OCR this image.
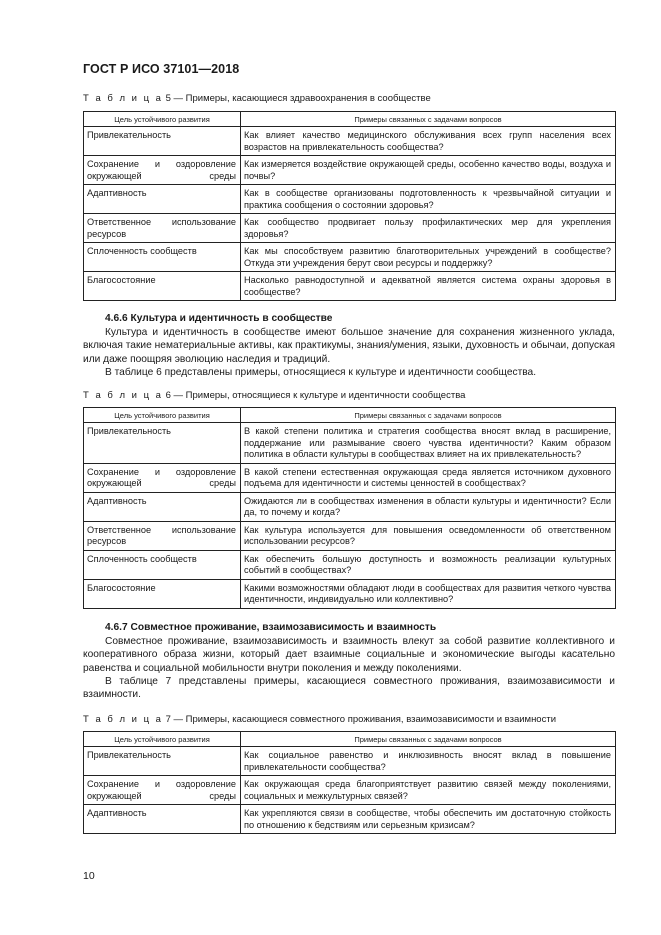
ГОСТ Р ИСО 37101—2018
Т а б л и ц а 5 — Примеры, касающиеся здравоохранения в сообществе
Цель устойчивого развития	Примеры связанных с задачами вопросов
Привлекательность	Как влияет качество медицинского обслуживания всех групп населения всех возрастов на привлекательность сообщества?
Сохранение и оздоровление окружающей среды	Как измеряется воздействие окружающей среды, особенно качество воды, воздуха и почвы?
Адаптивность	Как в сообществе организованы подготовленность к чрезвычайной ситуации и практика сообщения о состоянии здоровья?
Ответственное использование ресурсов	Как сообщество продвигает пользу профилактических мер для укрепления здоровья?
Сплоченность сообществ	Как мы способствуем развитию благотворительных учреждений в сообществе? Откуда эти учреждения берут свои ресурсы и поддержку?
Благосостояние	Насколько равнодоступной и адекватной является система охраны здоровья в сообществе?
4.6.6 Культура и идентичность в сообществе

Культура и идентичность в сообществе имеют большое значение для сохранения жизненного уклада, включая такие нематериальные активы, как практикумы, знания/умения, языки, духовность и обычаи, допуская или даже поощряя эволюцию наследия и традиций.

В таблице 6 представлены примеры, относящиеся к культуре и идентичности сообщества.

Т а б л и ц а 6 — Примеры, относящиеся к культуре и идентичности сообщества
Цель устойчивого развития	Примеры связанных с задачами вопросов
Привлекательность	В какой степени политика и стратегия сообщества вносят вклад в расширение, поддержание или размывание своего чувства идентичности? Каким образом политика в области культуры в сообществах влияет на их привлекательность?
Сохранение и оздоровление окружающей среды	В какой степени естественная окружающая среда является источником духовного подъема для идентичности и системы ценностей в сообществах?
Адаптивность	Ожидаются ли в сообществах изменения в области культуры и идентичности? Если да, то почему и когда?
Ответственное использование ресурсов	Как культура используется для повышения осведомленности об ответственном использовании ресурсов?
Сплоченность сообществ	Как обеспечить большую доступность и возможность реализации культурных событий в сообществах?
Благосостояние	Какими возможностями обладают люди в сообществах для развития четкого чувства идентичности, индивидуально или коллективно?
4.6.7 Совместное проживание, взаимозависимость и взаимность

Совместное проживание, взаимозависимость и взаимность влекут за собой развитие коллективного и кооперативного образа жизни, который дает взаимные социальные и экономические выгоды касательно равенства и социальной мобильности внутри поколения и между поколениями.

В таблице 7 представлены примеры, касающиеся совместного проживания, взаимозависимости и взаимности.

Т а б л и ц а 7 — Примеры, касающиеся совместного проживания, взаимозависимости и взаимности
Цель устойчивого развития	Примеры связанных с задачами вопросов
Привлекательность	Как социальное равенство и инклюзивность вносят вклад в повышение привлекательности сообщества?
Сохранение и оздоровление окружающей среды	Как окружающая среда благоприятствует развитию связей между поколениями, социальных и межкультурных связей?
Адаптивность	Как укрепляются связи в сообществе, чтобы обеспечить им достаточную стойкость по отношению к бедствиям или серьезным кризисам?
10
